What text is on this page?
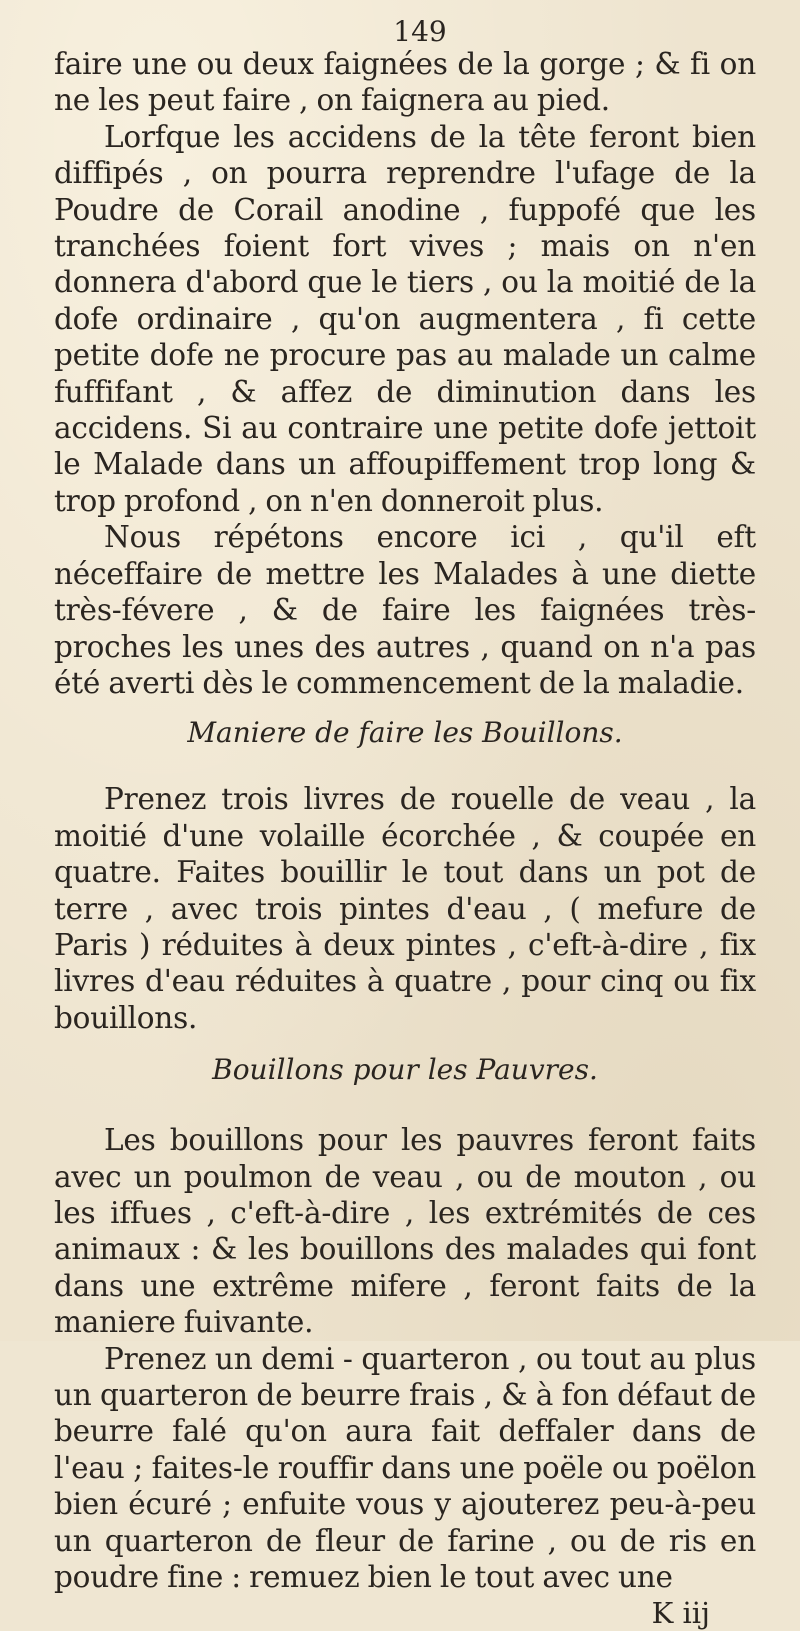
149

faire une ou deux faignées de la gorge ; & fi on ne les peut faire , on faignera au pied.

Lorfque les accidens de la tête feront bien diffipés , on pourra reprendre l'ufage de la Poudre de Corail anodine , fuppofé que les tranchées foient fort vives ; mais on n'en donnera d'abord que le tiers , ou la moitié de la dofe ordinaire , qu'on augmentera , fi cette petite dofe ne procure pas au malade un calme fuffifant , & affez de diminution dans les accidens. Si au contraire une petite dofe jettoit le Malade dans un affoupiffement trop long & trop profond , on n'en donneroit plus.

Nous répétons encore ici , qu'il eft néceffaire de mettre les Malades à une diette très-févere , & de faire les faignées très-proches les unes des autres , quand on n'a pas été averti dès le commencement de la maladie.

Maniere de faire les Bouillons.

Prenez trois livres de rouelle de veau , la moitié d'une volaille écorchée , & coupée en quatre. Faites bouillir le tout dans un pot de terre , avec trois pintes d'eau , ( mefure de Paris ) réduites à deux pintes , c'eft-à-dire , fix livres d'eau réduites à quatre , pour cinq ou fix bouillons.

Bouillons pour les Pauvres.

Les bouillons pour les pauvres feront faits avec un poulmon de veau , ou de mouton , ou les iffues , c'eft-à-dire , les extrémités de ces animaux : & les bouillons des malades qui font dans une extrême mifere , feront faits de la maniere fuivante.

Prenez un demi - quarteron , ou tout au plus un quarteron de beurre frais , & à fon défaut de beurre falé qu'on aura fait deffaler dans de l'eau ; faites-le rouffir dans une poële ou poëlon bien écuré ; enfuite vous y ajouterez peu-à-peu un quarteron de fleur de farine , ou de ris en poudre fine : remuez bien le tout avec une

K iij
